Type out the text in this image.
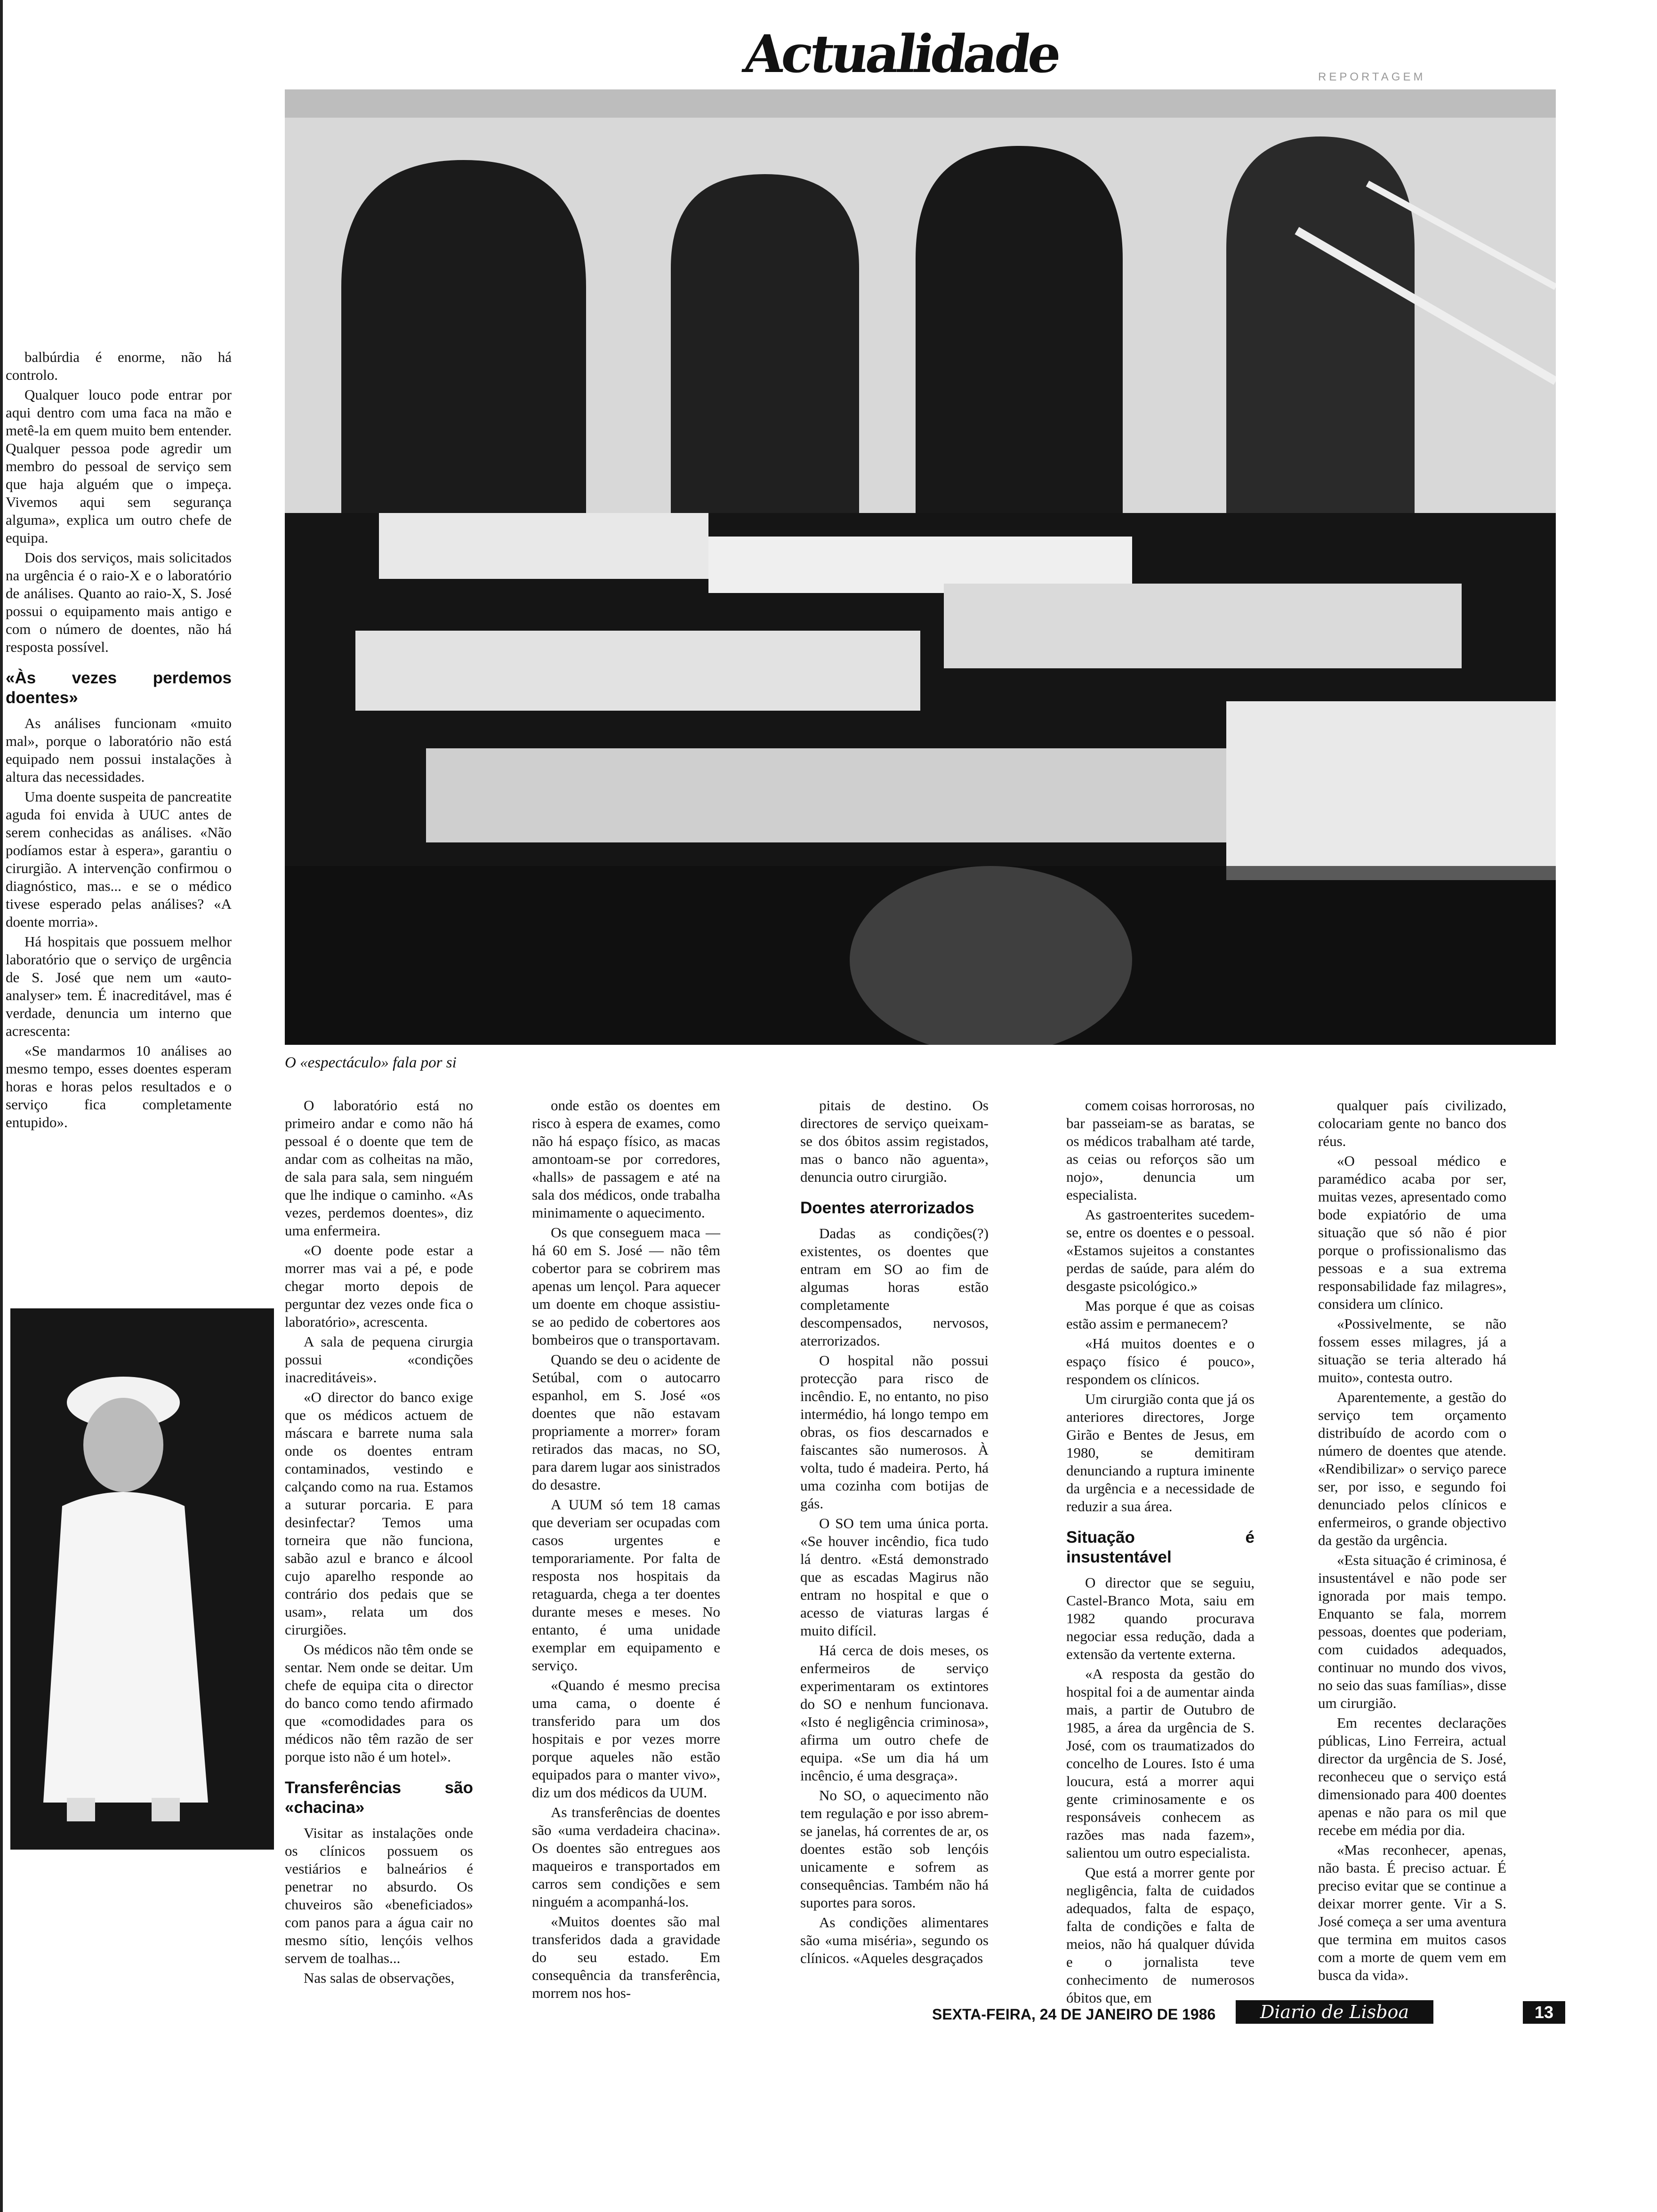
REPORTAGEM
Actualidade
O «espectáculo» fala por si

balbúrdia é enorme, não há controlo.

Qualquer louco pode entrar por aqui dentro com uma faca na mão e metê-la em quem muito bem entender. Qualquer pessoa pode agredir um membro do pessoal de serviço sem que haja alguém que o impeça. Vivemos aqui sem segurança alguma», explica um outro chefe de equipa.

Dois dos serviços, mais solicitados na urgência é o raio-X e o laboratório de análises. Quanto ao raio-X, S. José possui o equipamento mais antigo e com o número de doentes, não há resposta possível.

«Às vezes perdemos doentes»

As análises funcionam «muito mal», porque o laboratório não está equipado nem possui instalações à altura das necessidades.

Uma doente suspeita de pancreatite aguda foi envida à UUC antes de serem conhecidas as análises. «Não podíamos estar à espera», garantiu o cirurgião. A intervenção confirmou o diagnóstico, mas... e se o médico tivese esperado pelas análises? «A doente morria».

Há hospitais que possuem melhor laboratório que o serviço de urgência de S. José que nem um «auto-analyser» tem. É inacreditável, mas é verdade, denuncia um interno que acrescenta:

«Se mandarmos 10 análises ao mesmo tempo, esses doentes esperam horas e horas pelos resultados e o serviço fica completamente entupido».

O laboratório está no primeiro andar e como não há pessoal é o doente que tem de andar com as colheitas na mão, de sala para sala, sem ninguém que lhe indique o caminho. «As vezes, perdemos doentes», diz uma enfermeira.

«O doente pode estar a morrer mas vai a pé, e pode chegar morto depois de perguntar dez vezes onde fica o laboratório», acrescenta.

A sala de pequena cirurgia possui «condições inacreditáveis».

«O director do banco exige que os médicos actuem de máscara e barrete numa sala onde os doentes entram contaminados, vestindo e calçando como na rua. Estamos a suturar porcaria. E para desinfectar? Temos uma torneira que não funciona, sabão azul e branco e álcool cujo aparelho responde ao contrário dos pedais que se usam», relata um dos cirurgiões.

Os médicos não têm onde se sentar. Nem onde se deitar. Um chefe de equipa cita o director do banco como tendo afirmado que «comodidades para os médicos não têm razão de ser porque isto não é um hotel».

Transferências são «chacina»

Visitar as instalações onde os clínicos possuem os vestiários e balneários é penetrar no absurdo. Os chuveiros são «beneficiados» com panos para a água cair no mesmo sítio, lençóis velhos servem de toalhas...

Nas salas de observações,

onde estão os doentes em risco à espera de exames, como não há espaço físico, as macas amontoam-se por corredores, «halls» de passagem e até na sala dos médicos, onde trabalha minimamente o aquecimento.

Os que conseguem maca — há 60 em S. José — não têm cobertor para se cobrirem mas apenas um lençol. Para aquecer um doente em choque assistiu-se ao pedido de cobertores aos bombeiros que o transportavam.

Quando se deu o acidente de Setúbal, com o autocarro espanhol, em S. José «os doentes que não estavam propriamente a morrer» foram retirados das macas, no SO, para darem lugar aos sinistrados do desastre.

A UUM só tem 18 camas que deveriam ser ocupadas com casos urgentes e temporariamente. Por falta de resposta nos hospitais da retaguarda, chega a ter doentes durante meses e meses. No entanto, é uma unidade exemplar em equipamento e serviço.

«Quando é mesmo precisa uma cama, o doente é transferido para um dos hospitais e por vezes morre porque aqueles não estão equipados para o manter vivo», diz um dos médicos da UUM.

As transferências de doentes são «uma verdadeira chacina». Os doentes são entregues aos maqueiros e transportados em carros sem condições e sem ninguém a acompanhá-los.

«Muitos doentes são mal transferidos dada a gravidade do seu estado. Em consequência da transferência, morrem nos hos-

pitais de destino. Os directores de serviço queixam-se dos óbitos assim registados, mas o banco não aguenta», denuncia outro cirurgião.

Doentes aterrorizados

Dadas as condições(?) existentes, os doentes que entram em SO ao fim de algumas horas estão completamente descompensados, nervosos, aterrorizados.

O hospital não possui protecção para risco de incêndio. E, no entanto, no piso intermédio, há longo tempo em obras, os fios descarnados e faiscantes são numerosos. À volta, tudo é madeira. Perto, há uma cozinha com botijas de gás.

O SO tem uma única porta. «Se houver incêndio, fica tudo lá dentro. «Está demonstrado que as escadas Magirus não entram no hospital e que o acesso de viaturas largas é muito difícil.

Há cerca de dois meses, os enfermeiros de serviço experimentaram os extintores do SO e nenhum funcionava. «Isto é negligência criminosa», afirma um outro chefe de equipa. «Se um dia há um incêncio, é uma desgraça».

No SO, o aquecimento não tem regulação e por isso abrem-se janelas, há correntes de ar, os doentes estão sob lençóis unicamente e sofrem as consequências. Também não há suportes para soros.

As condições alimentares são «uma miséria», segundo os clínicos. «Aqueles desgraçados

comem coisas horrorosas, no bar passeiam-se as baratas, se os médicos trabalham até tarde, as ceias ou reforços são um nojo», denuncia um especialista.

As gastroenterites sucedem-se, entre os doentes e o pessoal. «Estamos sujeitos a constantes perdas de saúde, para além do desgaste psicológico.»

Mas porque é que as coisas estão assim e permanecem?

«Há muitos doentes e o espaço físico é pouco», respondem os clínicos.

Um cirurgião conta que já os anteriores directores, Jorge Girão e Bentes de Jesus, em 1980, se demitiram denunciando a ruptura iminente da urgência e a necessidade de reduzir a sua área.

Situação é insustentável

O director que se seguiu, Castel-Branco Mota, saiu em 1982 quando procurava negociar essa redução, dada a extensão da vertente externa.

«A resposta da gestão do hospital foi a de aumentar ainda mais, a partir de Outubro de 1985, a área da urgência de S. José, com os traumatizados do concelho de Loures. Isto é uma loucura, está a morrer aqui gente criminosamente e os responsáveis conhecem as razões mas nada fazem», salientou um outro especialista.

Que está a morrer gente por negligência, falta de cuidados adequados, falta de espaço, falta de condições e falta de meios, não há qualquer dúvida e o jornalista teve conhecimento de numerosos óbitos que, em

qualquer país civilizado, colocariam gente no banco dos réus.

«O pessoal médico e paramédico acaba por ser, muitas vezes, apresentado como bode expiatório de uma situação que só não é pior porque o profissionalismo das pessoas e a sua extrema responsabilidade faz milagres», considera um clínico.

«Possivelmente, se não fossem esses milagres, já a situação se teria alterado há muito», contesta outro.

Aparentemente, a gestão do serviço tem orçamento distribuído de acordo com o número de doentes que atende. «Rendibilizar» o serviço parece ser, por isso, e segundo foi denunciado pelos clínicos e enfermeiros, o grande objectivo da gestão da urgência.

«Esta situação é criminosa, é insustentável e não pode ser ignorada por mais tempo. Enquanto se fala, morrem pessoas, doentes que poderiam, com cuidados adequados, continuar no mundo dos vivos, no seio das suas famílias», disse um cirurgião.

Em recentes declarações públicas, Lino Ferreira, actual director da urgência de S. José, reconheceu que o serviço está dimensionado para 400 doentes apenas e não para os mil que recebe em média por dia.

«Mas reconhecer, apenas, não basta. É preciso actuar. É preciso evitar que se continue a deixar morrer gente. Vir a S. José começa a ser uma aventura que termina em muitos casos com a morte de quem vem em busca da vida».

SEXTA-FEIRA, 24 DE JANEIRO DE 1986	Diario de Lisboa	13
